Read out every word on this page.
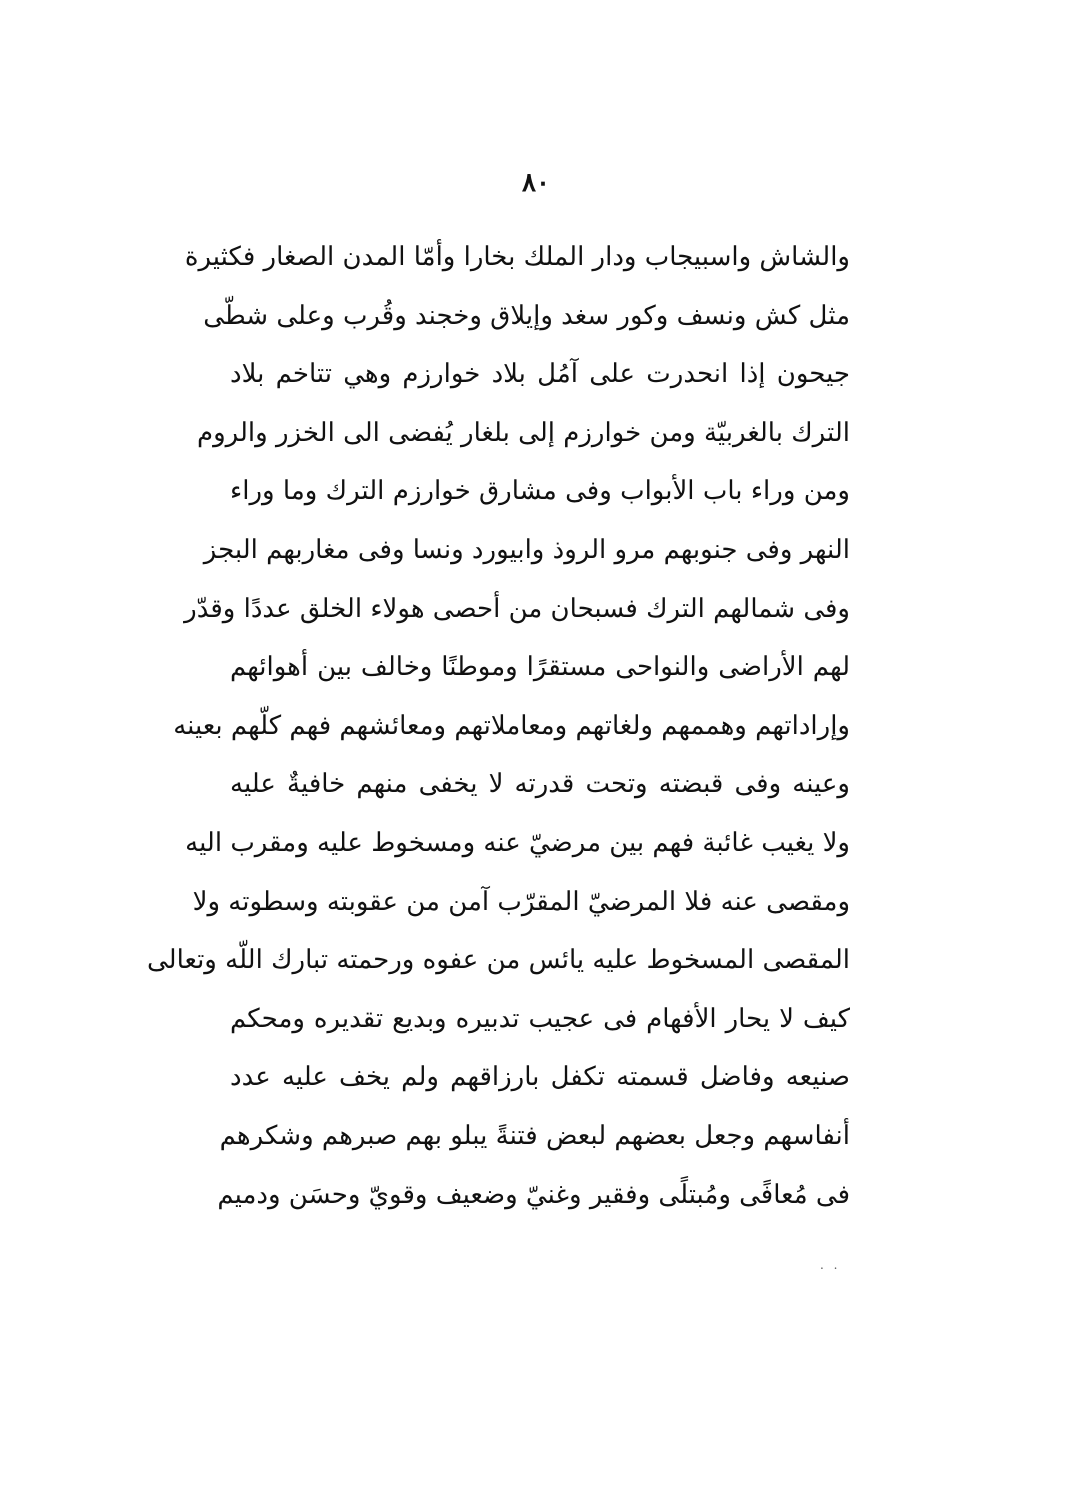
٨٠
والشاش واسبيجاب ودار الملك بخارا وأمّا المدن الصغار فكثيرة
مثل كش ونسف وكور سغد وإيلاق وخجند وقُرب وعلى شطّى
جيحون إذا انحدرت على آمُل بلاد خوارزم وهي تتاخم بلاد
الترك بالغربيّة ومن خوارزم إلى بلغار يُفضى الى الخزر والروم
ومن وراء باب الأبواب وفى مشارق خوارزم الترك وما وراء
النهر وفى جنوبهم مرو الروذ وابيورد ونسا وفى مغاربهم البجز
وفى شمالهم الترك فسبحان من أحصى هولاء الخلق عددًا وقدّر
لهم الأراضى والنواحى مستقرًا وموطنًا وخالف بين أهوائهم
وإراداتهم وهممهم ولغاتهم ومعاملاتهم ومعائشهم فهم كلّهم بعينه
وعينه وفى قبضته وتحت قدرته لا يخفى منهم خافيةٌ عليه
ولا يغيب غائبة فهم بين مرضيّ عنه ومسخوط عليه ومقرب اليه
ومقصى عنه فلا المرضيّ المقرّب آمن من عقوبته وسطوته ولا
المقصى المسخوط عليه يائس من عفوه ورحمته تبارك اللّه وتعالى
كيف لا يحار الأفهام فى عجيب تدبيره وبديع تقديره ومحكم
صنيعه وفاضل قسمته تكفل بارزاقهم ولم يخف عليه عدد
أنفاسهم وجعل بعضهم لبعض فتنةً يبلو بهم صبرهم وشكرهم
فى مُعافًى ومُبتلًى وفقير وغنيّ وضعيف وقويّ وحسَن ودميم
. .
